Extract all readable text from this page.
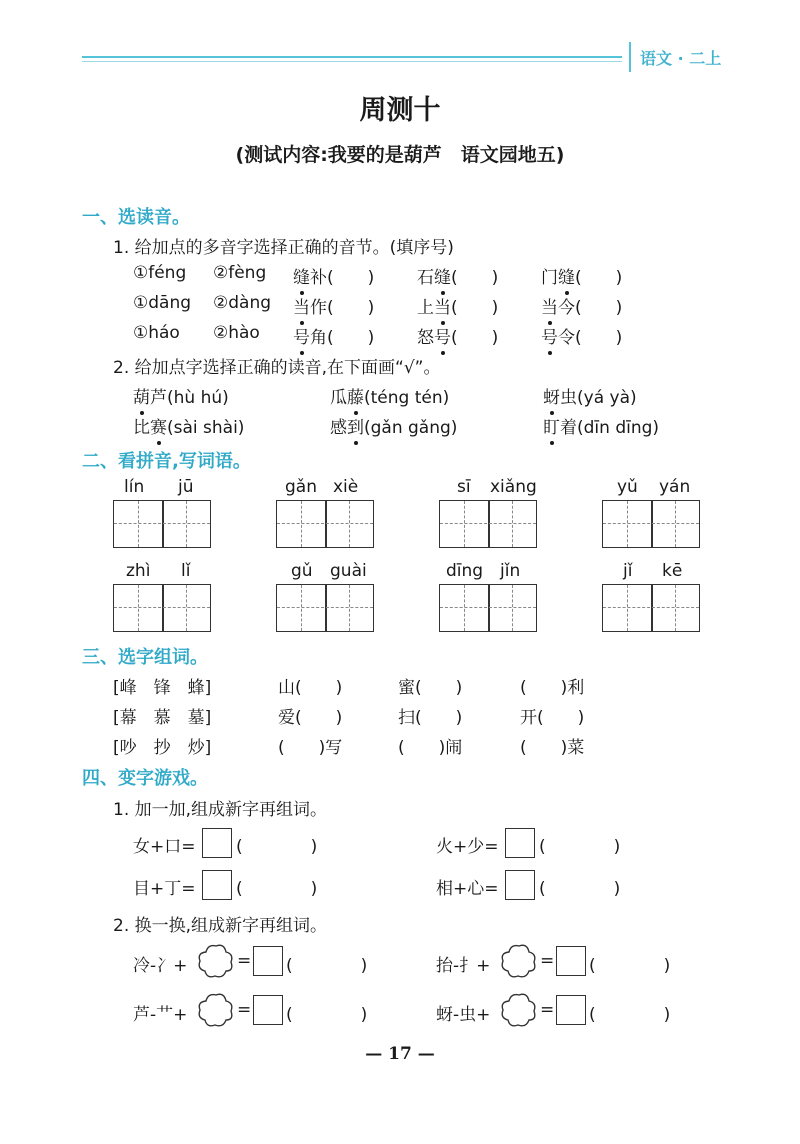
语文 · 二上
周测十
(测试内容:我要的是葫芦　语文园地五)
一、选读音。
1. 给加点的多音字选择正确的音节。(填序号)
①féng ②fèng 缝补(　　)	石缝(　　)	门缝(　　)
①dāng ②dàng 当作(　　)	上当(　　)	当今(　　)
①háo ②hào 号角(　　)	怒号(　　)	号令(　　)
2. 给加点字选择正确的读音,在下面画“√”。
葫芦(hù hú)	瓜藤(téng tén)	蚜虫(yá yà)
比赛(sài shài)	感到(gǎn gǎng)	盯着(dīn dīng)
二、看拼音,写词语。
lín jū	gǎn xiè	sī xiǎng	yǔ yán
zhì lǐ	gǔ guài	dīng jǐn	jǐ kē
三、选字组词。
[峰　锋　蜂]	山(　　)	蜜(　　)	(　　)利
[幕　慕　墓]	爱(　　)	扫(　　)	开(　　)
[吵　抄　炒]	(　　)写	(　　)闹	(　　)菜
四、变字游戏。
1. 加一加,组成新字再组词。
女+口= (　　　　)	火+少= (　　　　)
目+丁= (　　　　)	相+心= (　　　　)
2. 换一换,组成新字再组词。
冷-冫+	= (　　　　)	抬-扌+	= (　　　　)
芦-艹+	= (　　　　)	蚜-虫+	= (　　　　)
— 17 —
